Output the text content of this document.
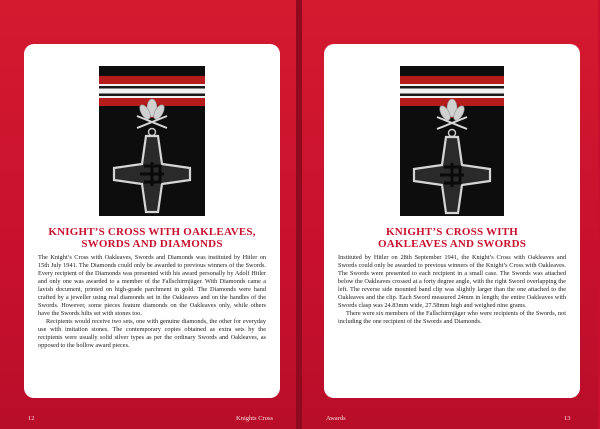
KNIGHT’S CROSS WITH OAKLEAVES,
SWORDS AND DIAMONDS

The Knight’s Cross with Oakleaves, Swords and Diamonds was instituted by Hitler on 15th July 1941. The Diamonds could only be awarded to previous winners of the Swords. Every recipient of the Diamonds was presented with his award personally by Adolf Hitler and only one was awarded to a member of the Fallschirmjäger. With Diamonds came a lavish document, printed on high-grade parchment in gold. The Diamonds were hand crafted by a jeweller using real diamonds set in the Oakleaves and on the handles of the Swords. However, some pieces feature diamonds on the Oakleaves only, while others have the Swords hilts set with stones too.

Recipients would receive two sets, one with genuine diamonds, the other for everyday use with imitation stones. The contemporary copies obtained as extra sets by the recipients were usually solid silver types as per the ordinary Swords and Oakleaves, as opposed to the hollow award pieces.

12	Knights Cross
KNIGHT’S CROSS WITH
OAKLEAVES AND SWORDS

Instituted by Hitler on 28th September 1941, the Knight’s Cross with Oakleaves and Swords could only be awarded to previous winners of the Knight’s Cross with Oakleaves. The Swords were presented to each recipient in a small case. The Swords was attached below the Oakleaves crossed at a forty degree angle, with the right Sword overlapping the left. The reverse side mounted band clip was slightly larger than the one attached to the Oakleaves and the clip. Each Sword measured 24mm in length; the entire Oakleaves with Swords clasp was 24.83mm wide, 27.58mm high and weighed nine grams.

There were six members of the Fallschirmjäger who were recipients of the Swords, not including the one recipient of the Swords and Diamonds.

Awards	13
